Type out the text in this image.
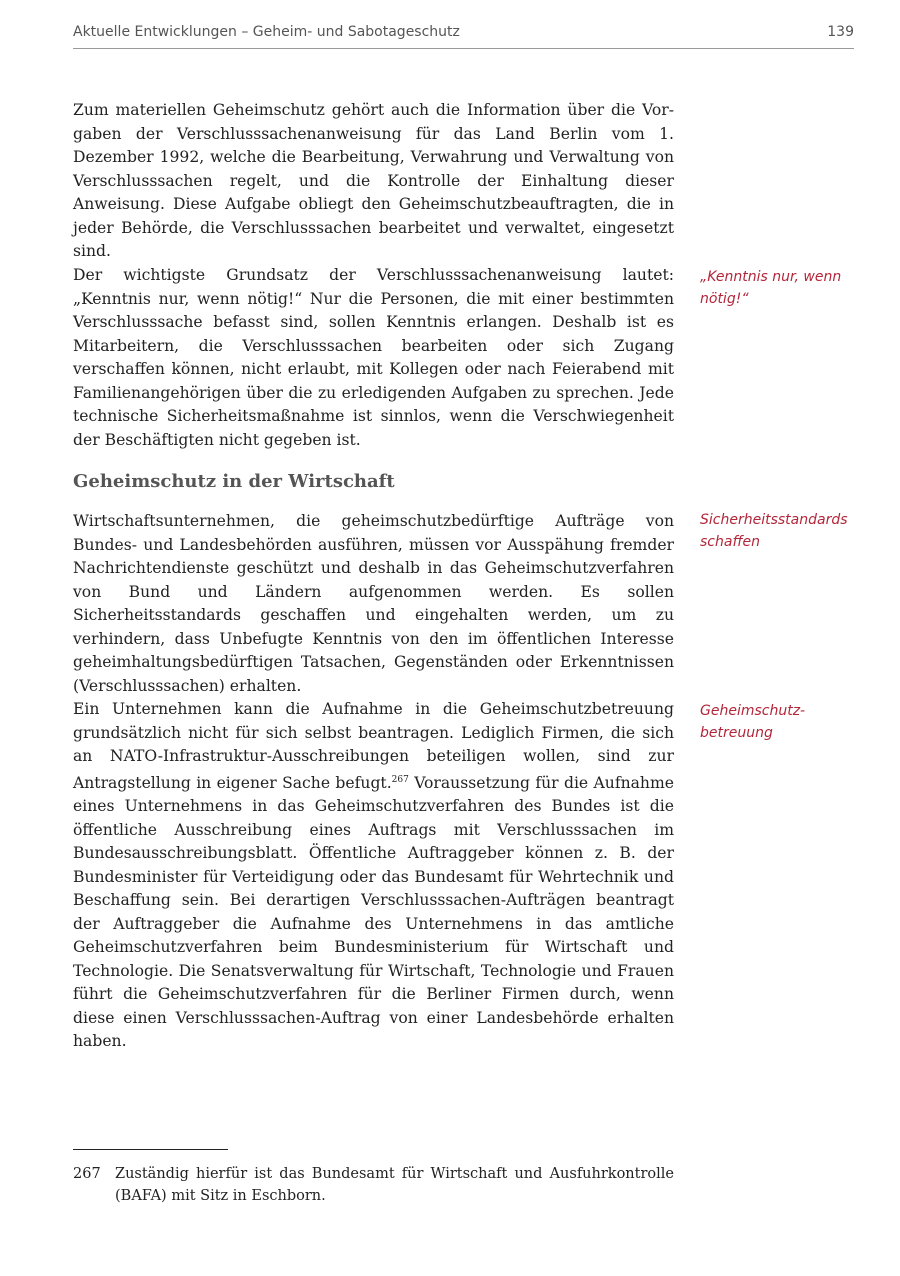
Aktuelle Entwicklungen – Geheim- und Sabotageschutz	139

Zum materiellen Geheimschutz gehört auch die Information über die Vorgaben der Verschlusssachenanweisung für das Land Berlin vom 1. Dezember 1992, welche die Bearbeitung, Verwahrung und Verwaltung von Verschlusssachen regelt, und die Kontrolle der Einhaltung dieser Anweisung. Diese Aufgabe obliegt den Geheimschutzbeauftragten, die in jeder Behörde, die Verschlusssachen bearbeitet und verwaltet, eingesetzt sind.

Der wichtigste Grundsatz der Verschlusssachenanweisung lautet: „Kenntnis nur, wenn nötig!“ Nur die Personen, die mit einer bestimmten Verschlusssache befasst sind, sollen Kenntnis erlangen. Deshalb ist es Mitarbeitern, die Verschlusssachen bearbeiten oder sich Zugang verschaffen können, nicht erlaubt, mit Kollegen oder nach Feierabend mit Familienangehörigen über die zu erledigenden Aufgaben zu sprechen. Jede technische Sicherheitsmaßnahme ist sinnlos, wenn die Verschwiegenheit der Beschäftigten nicht gegeben ist.

„Kenntnis nur, wenn nötig!“
Geheimschutz in der Wirtschaft

Wirtschaftsunternehmen, die geheimschutzbedürftige Aufträge von Bundes- und Landesbehörden ausführen, müssen vor Ausspähung fremder Nachrichtendienste geschützt und deshalb in das Geheimschutzverfahren von Bund und Ländern aufgenommen werden. Es sollen Sicherheitsstandards geschaffen und eingehalten werden, um zu verhindern, dass Unbefugte Kenntnis von den im öffentlichen Interesse geheimhaltungsbedürftigen Tatsachen, Gegenständen oder Erkenntnissen (Verschlusssachen) erhalten.

Sicherheitsstandards schaffen

Ein Unternehmen kann die Aufnahme in die Geheimschutzbetreuung grundsätzlich nicht für sich selbst beantragen. Lediglich Firmen, die sich an NATO-Infrastruktur-Ausschreibungen beteiligen wollen, sind zur Antragstellung in eigener Sache befugt.$^{267}$ Voraussetzung für die Aufnahme eines Unternehmens in das Geheimschutzverfahren des Bundes ist die öffentliche Ausschreibung eines Auftrags mit Verschlusssachen im Bundesausschreibungsblatt. Öffentliche Auftraggeber können z. B. der Bundesminister für Verteidigung oder das Bundesamt für Wehrtechnik und Beschaffung sein. Bei derartigen Verschlusssachen-Aufträgen beantragt der Auftraggeber die Aufnahme des Unternehmens in das amtliche Geheimschutzverfahren beim Bundesministerium für Wirtschaft und Technologie. Die Senatsverwaltung für Wirtschaft, Technologie und Frauen führt die Geheimschutzverfahren für die Berliner Firmen durch, wenn diese einen Verschlusssachen-Auftrag von einer Landesbehörde erhalten haben.

Geheimschutz-
betreuung
267 Zuständig hierfür ist das Bundesamt für Wirtschaft und Ausfuhrkontrolle (BAFA) mit Sitz in Eschborn.
